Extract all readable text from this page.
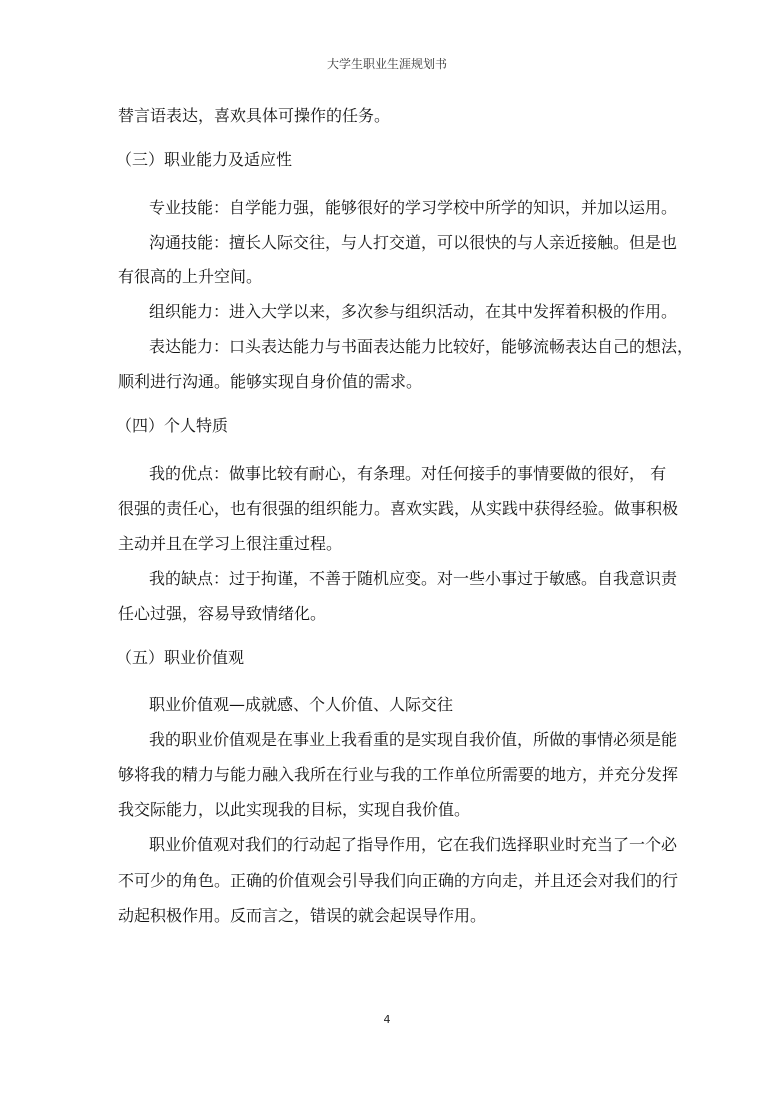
大学生职业生涯规划书
替言语表达，喜欢具体可操作的任务。
（三）职业能力及适应性
专业技能：自学能力强，能够很好的学习学校中所学的知识，并加以运用。
沟通技能：擅长人际交往，与人打交道，可以很快的与人亲近接触。但是也
有很高的上升空间。
组织能力：进入大学以来，多次参与组织活动，在其中发挥着积极的作用。
表达能力：口头表达能力与书面表达能力比较好，能够流畅表达自己的想法，
顺利进行沟通。能够实现自身价值的需求。
（四）个人特质
我的优点：做事比较有耐心，有条理。对任何接手的事情要做的很好， 有
很强的责任心，也有很强的组织能力。喜欢实践，从实践中获得经验。做事积极
主动并且在学习上很注重过程。
我的缺点：过于拘谨，不善于随机应变。对一些小事过于敏感。自我意识责
任心过强，容易导致情绪化。
（五）职业价值观
职业价值观—成就感、个人价值、人际交往
我的职业价值观是在事业上我看重的是实现自我价值，所做的事情必须是能
够将我的精力与能力融入我所在行业与我的工作单位所需要的地方，并充分发挥
我交际能力，以此实现我的目标，实现自我价值。
职业价值观对我们的行动起了指导作用，它在我们选择职业时充当了一个必
不可少的角色。正确的价值观会引导我们向正确的方向走，并且还会对我们的行
动起积极作用。反而言之，错误的就会起误导作用。
4
